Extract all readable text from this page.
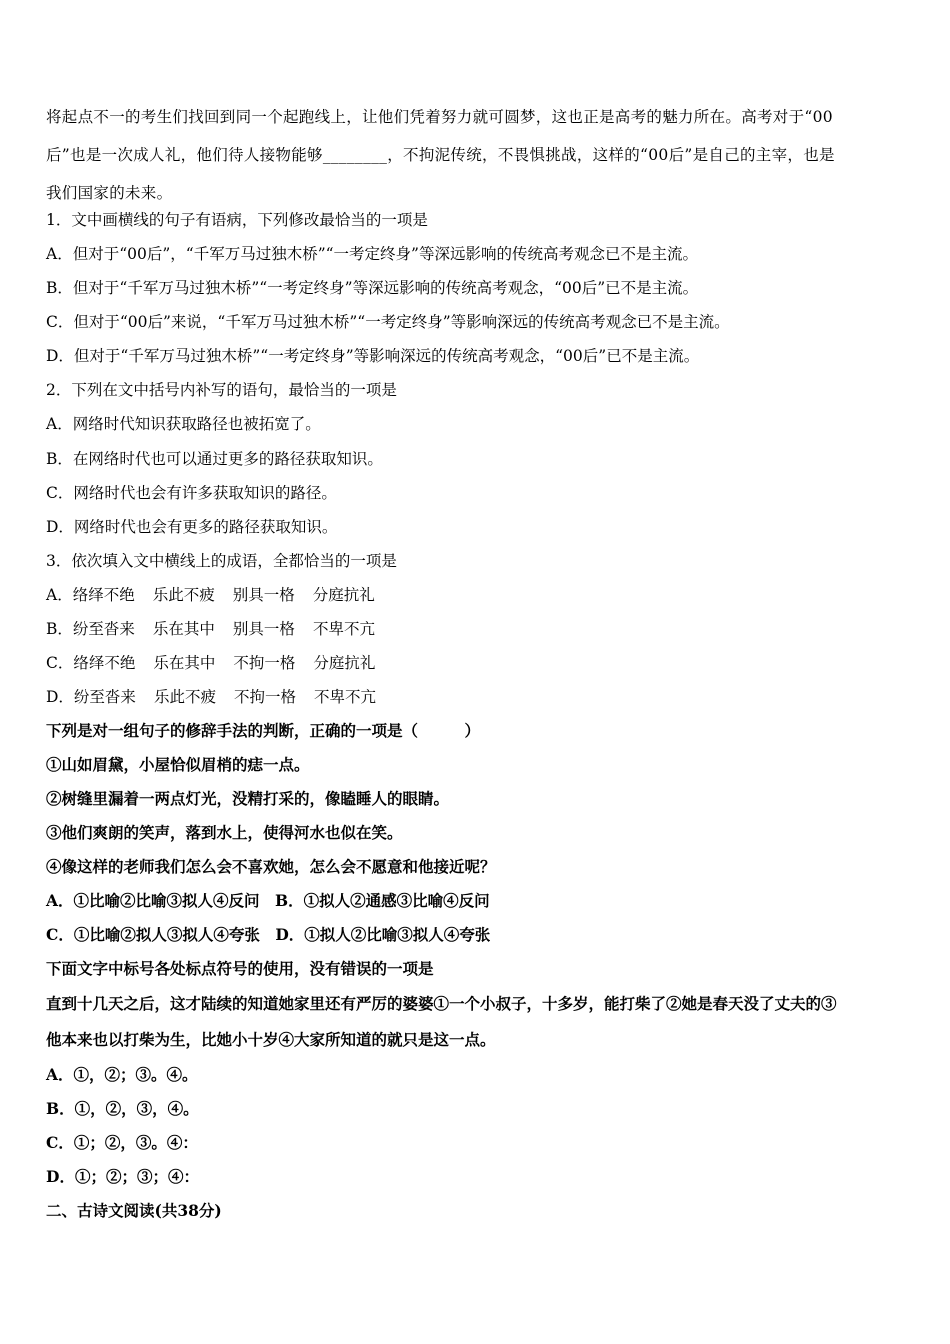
将起点不一的考生们找回到同一个起跑线上，让他们凭着努力就可圆梦，这也正是高考的魅力所在。高考对于“00
后”也是一次成人礼，他们待人接物能够________，不拘泥传统，不畏惧挑战，这样的“00后”是自己的主宰，也是
我们国家的未来。
1．文中画横线的句子有语病，下列修改最恰当的一项是
A．但对于“00后”，“千军万马过独木桥”“一考定终身”等深远影响的传统高考观念已不是主流。
B．但对于“千军万马过独木桥”“一考定终身”等深远影响的传统高考观念，“00后”已不是主流。
C．但对于“00后”来说，“千军万马过独木桥”“一考定终身”等影响深远的传统高考观念已不是主流。
D．但对于“千军万马过独木桥”“一考定终身”等影响深远的传统高考观念，“00后”已不是主流。
2．下列在文中括号内补写的语句，最恰当的一项是
A．网络时代知识获取路径也被拓宽了。
B．在网络时代也可以通过更多的路径获取知识。
C．网络时代也会有许多获取知识的路径。
D．网络时代也会有更多的路径获取知识。
3．依次填入文中横线上的成语，全都恰当的一项是
A．络绎不绝 乐此不疲 别具一格 分庭抗礼
B．纷至沓来 乐在其中 别具一格 不卑不亢
C．络绎不绝 乐在其中 不拘一格 分庭抗礼
D．纷至沓来 乐此不疲 不拘一格 不卑不亢
下列是对一组句子的修辞手法的判断，正确的一项是（　　　）
①山如眉黛，小屋恰似眉梢的痣一点。
②树缝里漏着一两点灯光，没精打采的，像瞌睡人的眼睛。
③他们爽朗的笑声，落到水上，使得河水也似在笑。
④像这样的老师我们怎么会不喜欢她，怎么会不愿意和他接近呢？
A．①比喻②比喻③拟人④反问　B．①拟人②通感③比喻④反问
C．①比喻②拟人③拟人④夸张　D．①拟人②比喻③拟人④夸张
下面文字中标号各处标点符号的使用，没有错误的一项是
直到十几天之后，这才陆续的知道她家里还有严厉的婆婆①一个小叔子，十多岁，能打柴了②她是春天没了丈夫的③
他本来也以打柴为生，比她小十岁④大家所知道的就只是这一点。
A．①，②；③。④。
B．①，②，③，④。
C．①；②，③。④：
D．①；②；③；④：
二、古诗文阅读(共38分)
